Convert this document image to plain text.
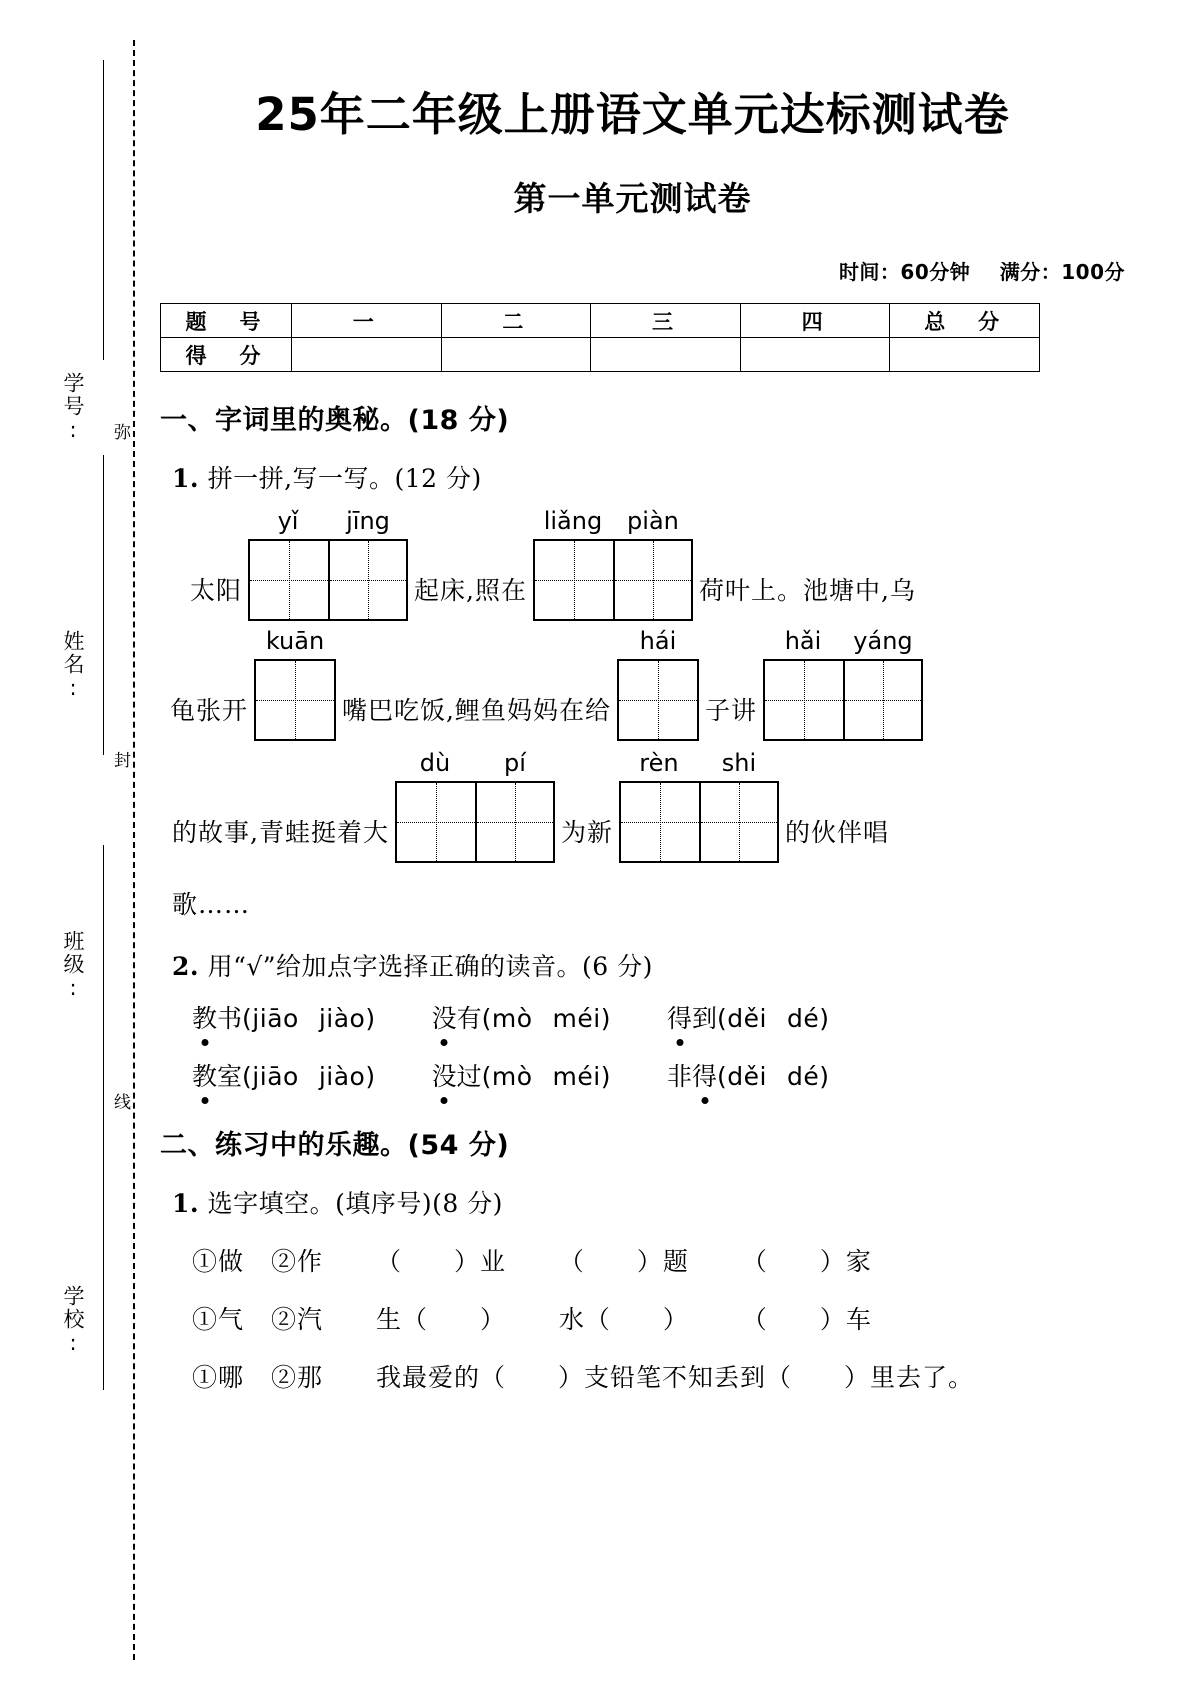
学号:
姓名:
班级:
学校:
弥
封
线
25年二年级上册语文单元达标测试卷
第一单元测试卷
时间：60分钟 满分：100分
题　号	一	二	三	四	总　分
得　分					
一、字词里的奥秘。(18 分)
1. 拼一拼,写一写。(12 分)
太阳
yǐ	jīng
起床,照在
liǎng	piàn
荷叶上。池塘中,乌
龟张开
kuān
嘴巴吃饭,鲤鱼妈妈在给
hái
子讲
hǎi	yáng
的故事,青蛙挺着大
dù	pí
为新
rèn	shi
的伙伴唱
歌……
2. 用“√”给加点字选择正确的读音。(6 分)
教 书 (jiāo jiào) 没 有 (mò méi) 得 到 (děi dé)
教 室 (jiāo jiào) 没 过 (mò méi) 非 得 (děi dé)
二、练习中的乐趣。(54 分)
1. 选字填空。(填序号)(8 分)
①做 ②作 （　　）业 （　　）题 （　　）家
①气 ②汽 生（　　） 水（　　） （　　）车
①哪 ②那 我最爱的（　　）支铅笔不知丢到（　　）里去了。
